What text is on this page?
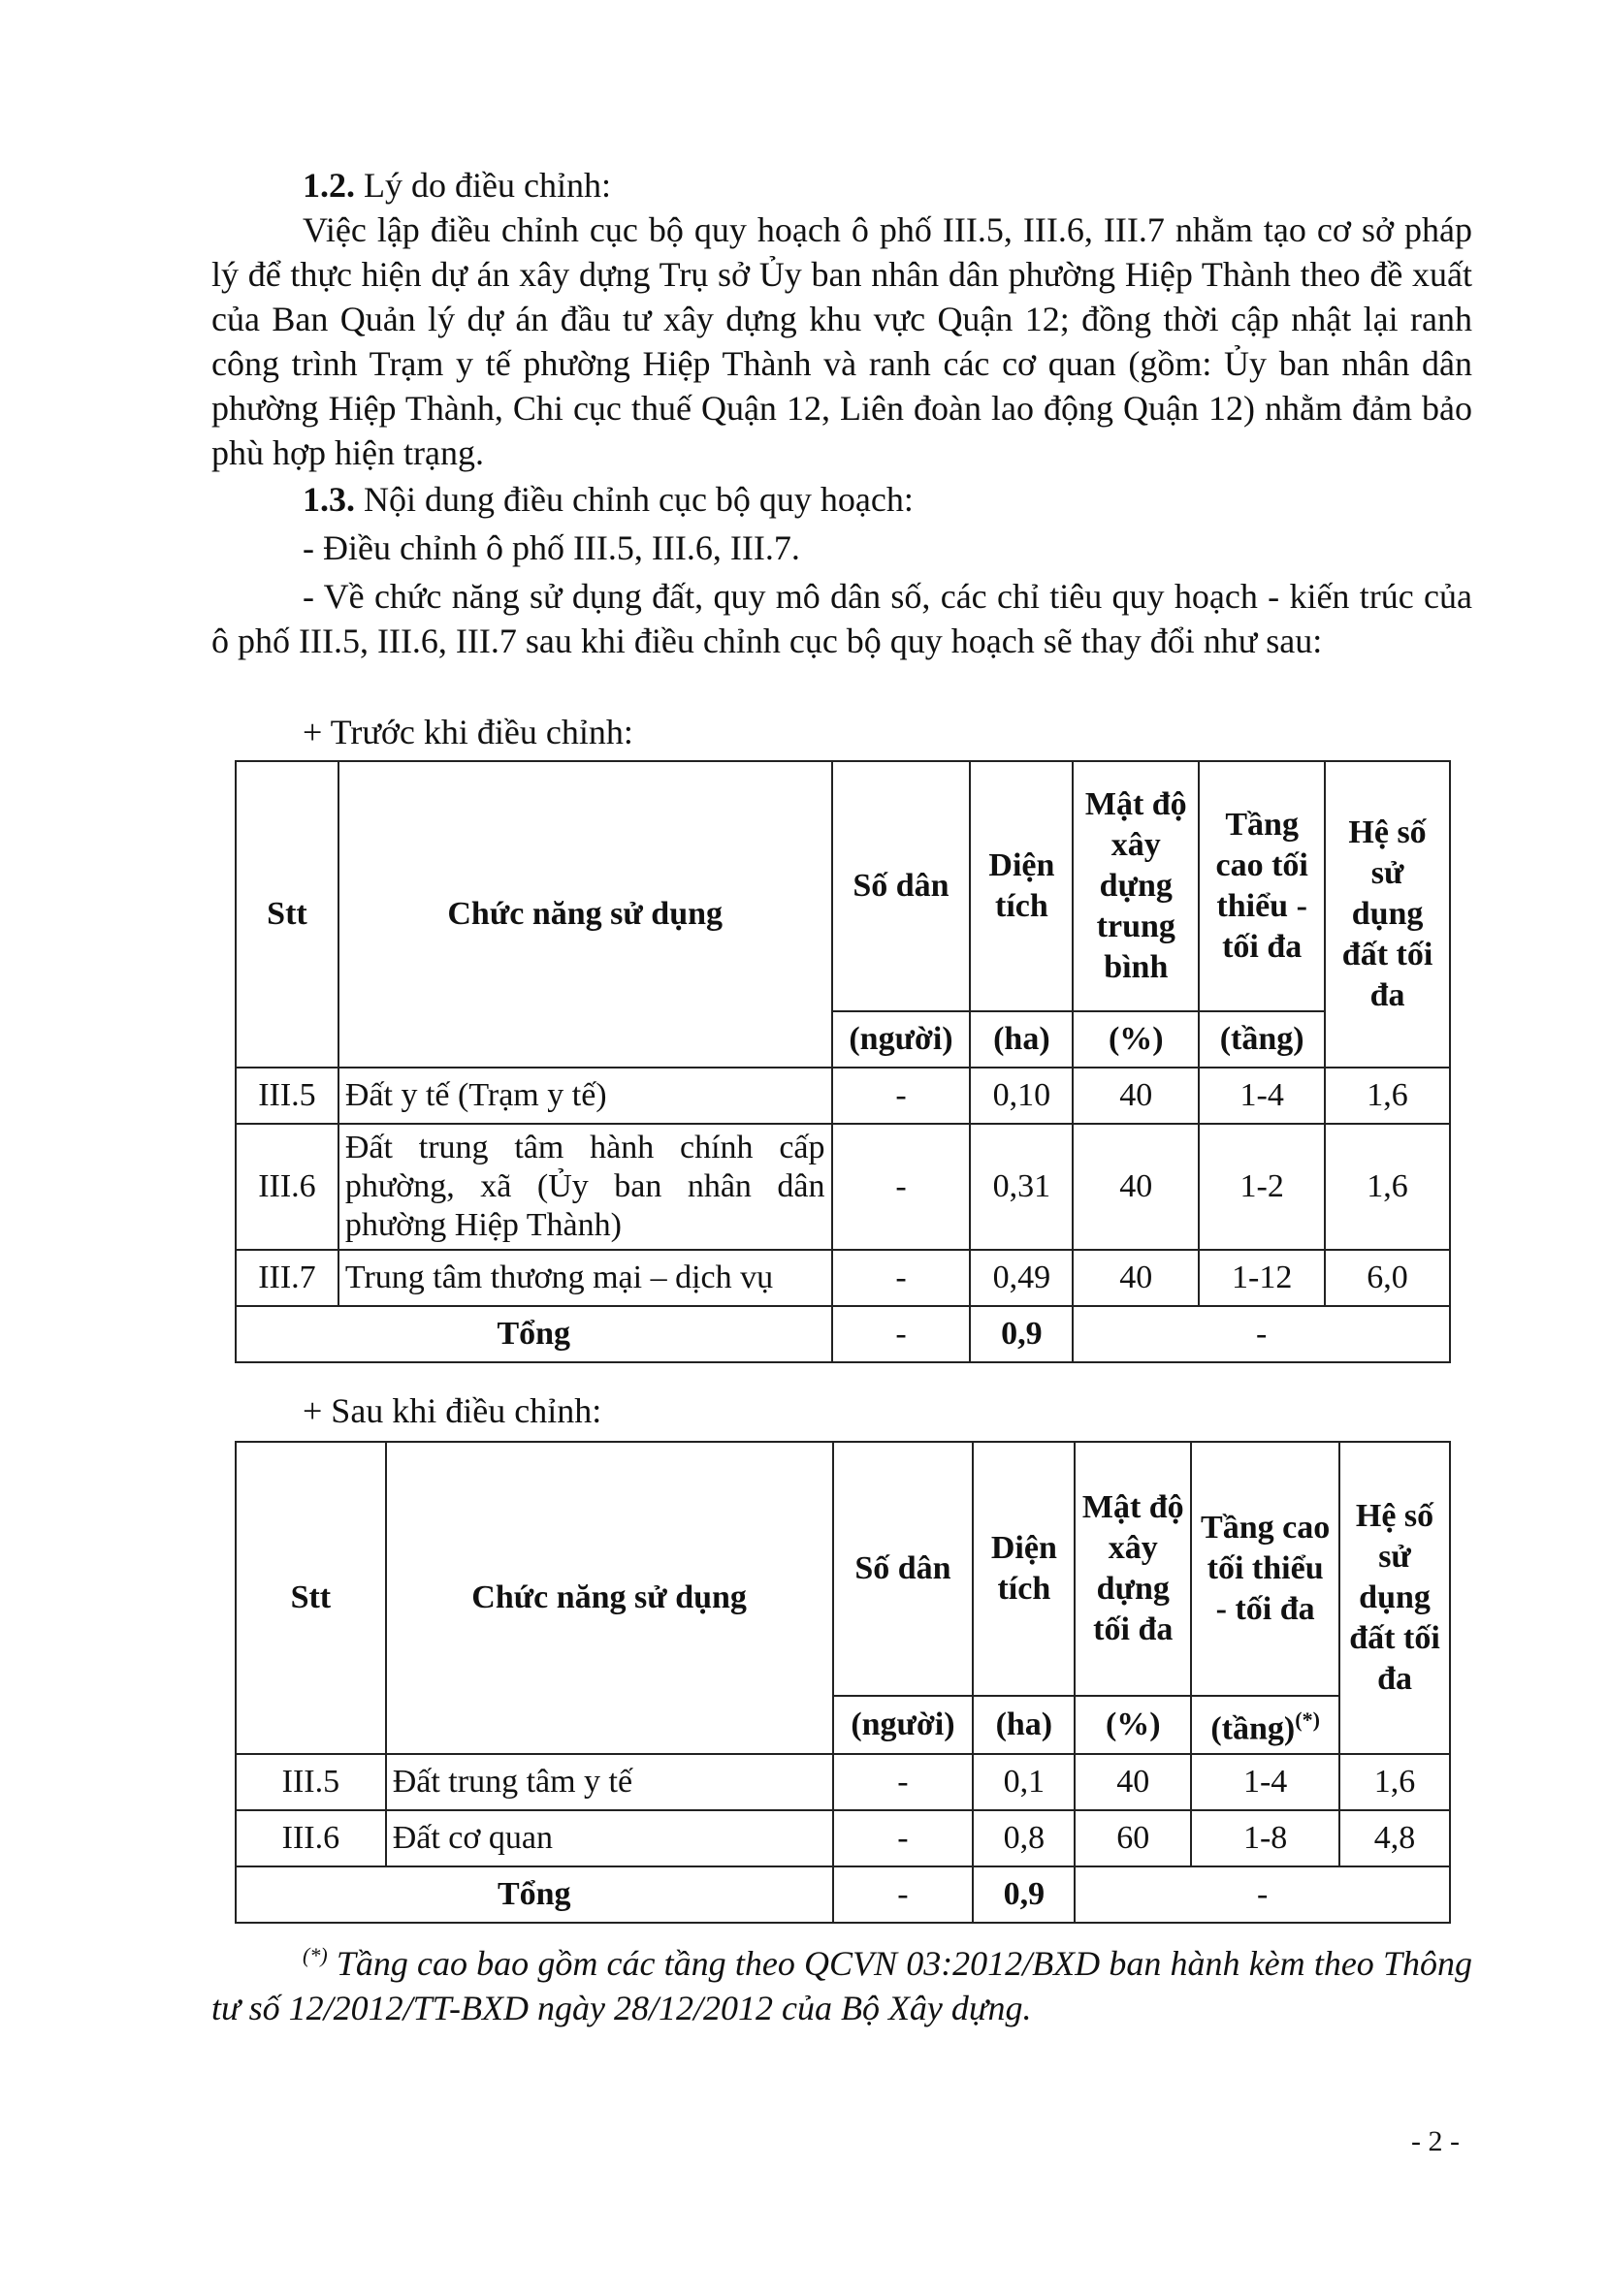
1.2. Lý do điều chỉnh:

Việc lập điều chỉnh cục bộ quy hoạch ô phố III.5, III.6, III.7 nhằm tạo cơ sở pháp lý để thực hiện dự án xây dựng Trụ sở Ủy ban nhân dân phường Hiệp Thành theo đề xuất của Ban Quản lý dự án đầu tư xây dựng khu vực Quận 12; đồng thời cập nhật lại ranh công trình Trạm y tế phường Hiệp Thành và ranh các cơ quan (gồm: Ủy ban nhân dân phường Hiệp Thành, Chi cục thuế Quận 12, Liên đoàn lao động Quận 12) nhằm đảm bảo phù hợp hiện trạng.

1.3. Nội dung điều chỉnh cục bộ quy hoạch:

- Điều chỉnh ô phố III.5, III.6, III.7.

- Về chức năng sử dụng đất, quy mô dân số, các chỉ tiêu quy hoạch - kiến trúc của ô phố III.5, III.6, III.7 sau khi điều chỉnh cục bộ quy hoạch sẽ thay đổi như sau:

+ Trước khi điều chỉnh:

Stt	Chức năng sử dụng	Số dân	Diện tích	Mật độ xây dựng trung bình	Tầng cao tối thiểu - tối đa	Hệ số sử dụng đất tối đa
		(người)	(ha)	(%)	(tầng)	
III.5	Đất y tế (Trạm y tế)	-	0,10	40	1-4	1,6
III.6	Đất trung tâm hành chính cấp phường, xã (Ủy ban nhân dân phường Hiệp Thành)	-	0,31	40	1-2	1,6
III.7	Trung tâm thương mại – dịch vụ	-	0,49	40	1-12	6,0
Tổng		-	0,9	-		

+ Sau khi điều chỉnh:

Stt	Chức năng sử dụng	Số dân	Diện tích	Mật độ xây dựng tối đa	Tầng cao tối thiểu - tối đa	Hệ số sử dụng đất tối đa
		(người)	(ha)	(%)	(tầng)(*)
III.5	Đất trung tâm y tế	-	0,1	40	1-4	1,6
III.6	Đất cơ quan	-	0,8	60	1-8	4,8
Tổng		-	0,9	-		

(*) Tầng cao bao gồm các tầng theo QCVN 03:2012/BXD ban hành kèm theo Thông tư số 12/2012/TT-BXD ngày 28/12/2012 của Bộ Xây dựng.

- 2 -
